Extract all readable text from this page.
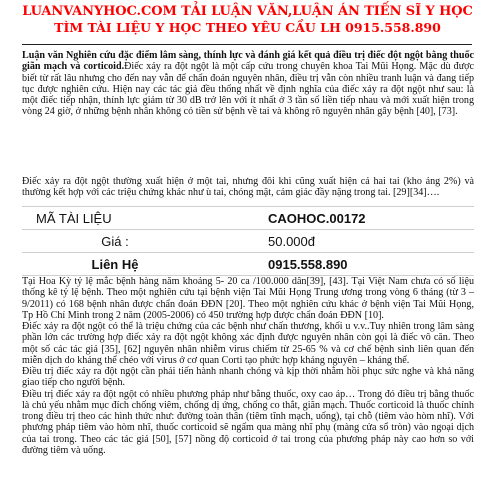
LUANVANYHOC.COM TẢI LUẬN VĂN,LUẬN ÁN TIẾN SĨ Y HỌC
TÌM TÀI LIỆU Y HỌC THEO YÊU CẦU LH 0915.558.890
Luận văn Nghiên cứu đặc điểm lâm sàng, thính lực và đánh giá kết quả điều trị điếc đột ngột bằng thuốc giãn mạch và corticoid.Điếc xảy ra đột ngột là một cấp cứu trong chuyên khoa Tai Mũi Họng. Mặc dù được biết từ rất lâu nhưng cho đến nay vẫn để chẩn đoán nguyên nhân, điều trị vẫn còn nhiều tranh luận và đang tiếp tục được nghiên cứu. Hiện nay các tác giả đều thống nhất về định nghĩa của điếc xảy ra đột ngột như sau: là một điếc tiếp nhận, thính lực giảm từ 30 dB trở lên với ít nhất ở 3 tần số liền tiếp nhau và mới xuất hiện trong vòng 24 giờ, ở những bệnh nhân không có tiền sử bệnh về tai và không rõ nguyên nhân gây bệnh [40], [73].
Điếc xảy ra đột ngột thường xuất hiện ở một tai, nhưng đôi khi cũng xuất hiện cả hai tai (kho ảng 2%) và thường kết hợp với các triệu chứng khác như ù tai, chóng mặt, cảm giác đầy nặng trong tai. [29][34]….
MÃ TÀI LIỆU	CAOHOC.00172
Giá :	50.000đ
Liên Hệ	0915.558.890
Tại Hoa Kỳ tỷ lệ mắc bệnh hàng năm khoảng 5- 20 ca /100.000 dân[39], [43]. Tại Việt Nam chưa có số liệu thống kê tỷ lệ bệnh. Theo một nghiên cứu tại bệnh viện Tai Mũi Họng Trung ương trong vòng 6 tháng (từ 3 – 9/2011) có 168 bệnh nhân được chẩn đoán ĐĐN [20]. Theo một nghiên cứu khác ở bệnh viện Tai Mũi Họng, Tp Hồ Chí Minh trong 2 năm (2005-2006) có 450 trường hợp được chẩn đoán ĐĐN [10].
Điếc xảy ra đột ngột có thể là triệu chứng của các bệnh như chấn thương, khối u v.v..Tuy nhiên trong lâm sàng phần lớn các trường hợp điếc xảy ra đột ngột không xác định được nguyên nhân còn gọi là điếc vô căn. Theo một số các tác giả [35], [62] nguyên nhân nhiễm virus chiếm từ 25-65 % và cơ chế bệnh sinh liên quan đến miễn dịch do kháng thể chéo với virus ở cơ quan Corti tạo phức hợp kháng nguyên – kháng thể.
Điều trị điếc xảy ra đột ngột cần phải tiến hành nhanh chóng và kịp thời nhằm hồi phục sức nghe và khả năng giao tiếp cho người bệnh.
Điều trị điếc xảy ra đột ngột có nhiều phương pháp như bằng thuốc, oxy cao áp… Trong đó điều trị bằng thuốc là chủ yếu nhằm mục đích chống viêm, chống dị ứng, chống co thắt, giãn mạch. Thuốc corticoid là thuốc chính trong điều trị theo các hình thức như: đường toàn thân (tiêm tĩnh mạch, uống), tại chỗ (tiêm vào hòm nhĩ). Với phương pháp tiêm vào hòm nhĩ, thuốc corticoid sẽ ngấm qua màng nhĩ phụ (màng cửa sổ tròn) vào ngoại dịch của tai trong. Theo các tác giả [50], [57] nồng độ corticoid ở tai trong của phương pháp này cao hơn so với đường tiêm và uống.
